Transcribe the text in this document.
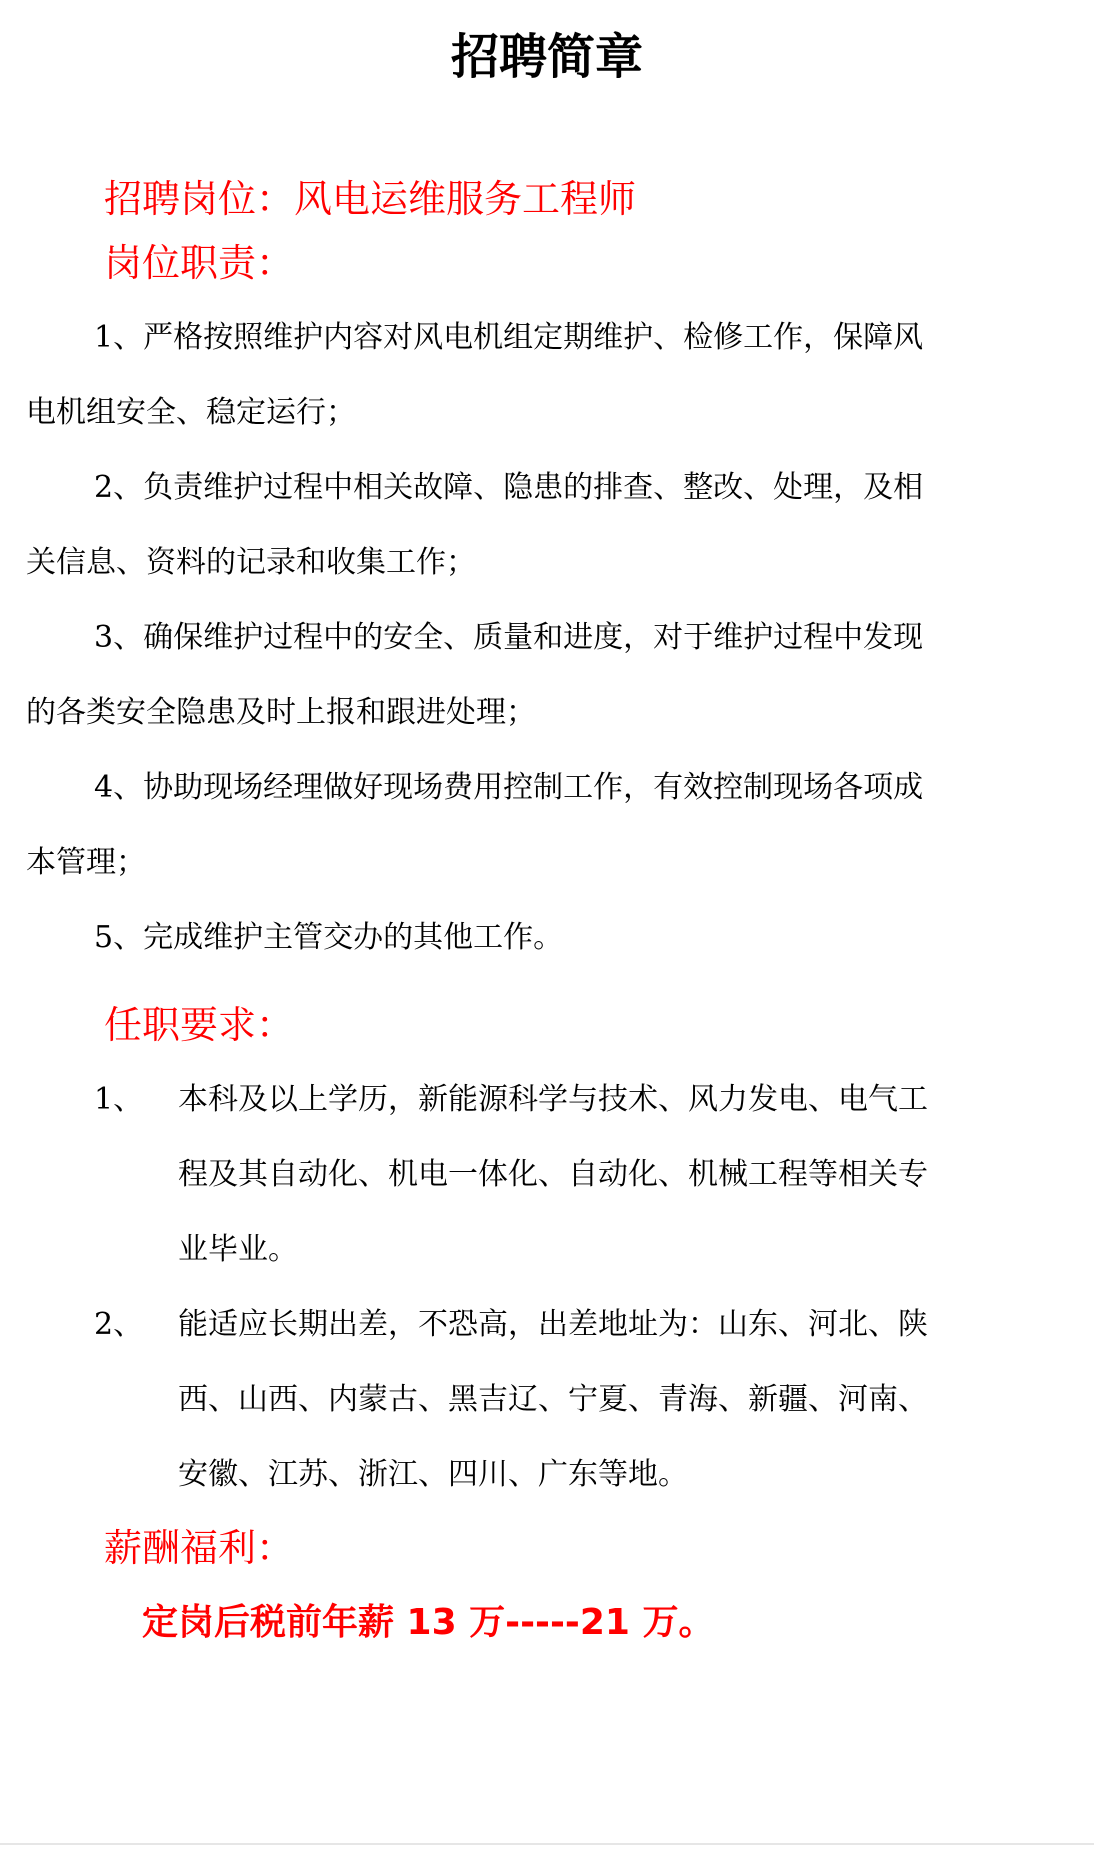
招聘简章
招聘岗位：风电运维服务工程师
岗位职责：
1、严格按照维护内容对风电机组定期维护、检修工作，保障风
电机组安全、稳定运行；
2、负责维护过程中相关故障、隐患的排查、整改、处理，及相
关信息、资料的记录和收集工作；
3、确保维护过程中的安全、质量和进度，对于维护过程中发现
的各类安全隐患及时上报和跟进处理；
4、协助现场经理做好现场费用控制工作，有效控制现场各项成
本管理；
5、完成维护主管交办的其他工作。
任职要求：
1、 本科及以上学历，新能源科学与技术、风力发电、电气工
程及其自动化、机电一体化、自动化、机械工程等相关专
业毕业。
2、 能适应长期出差，不恐高，出差地址为：山东、河北、陕
西、山西、内蒙古、黑吉辽、宁夏、青海、新疆、河南、
安徽、江苏、浙江、四川、广东等地。
薪酬福利：
定岗后税前年薪 13 万-----21 万。
